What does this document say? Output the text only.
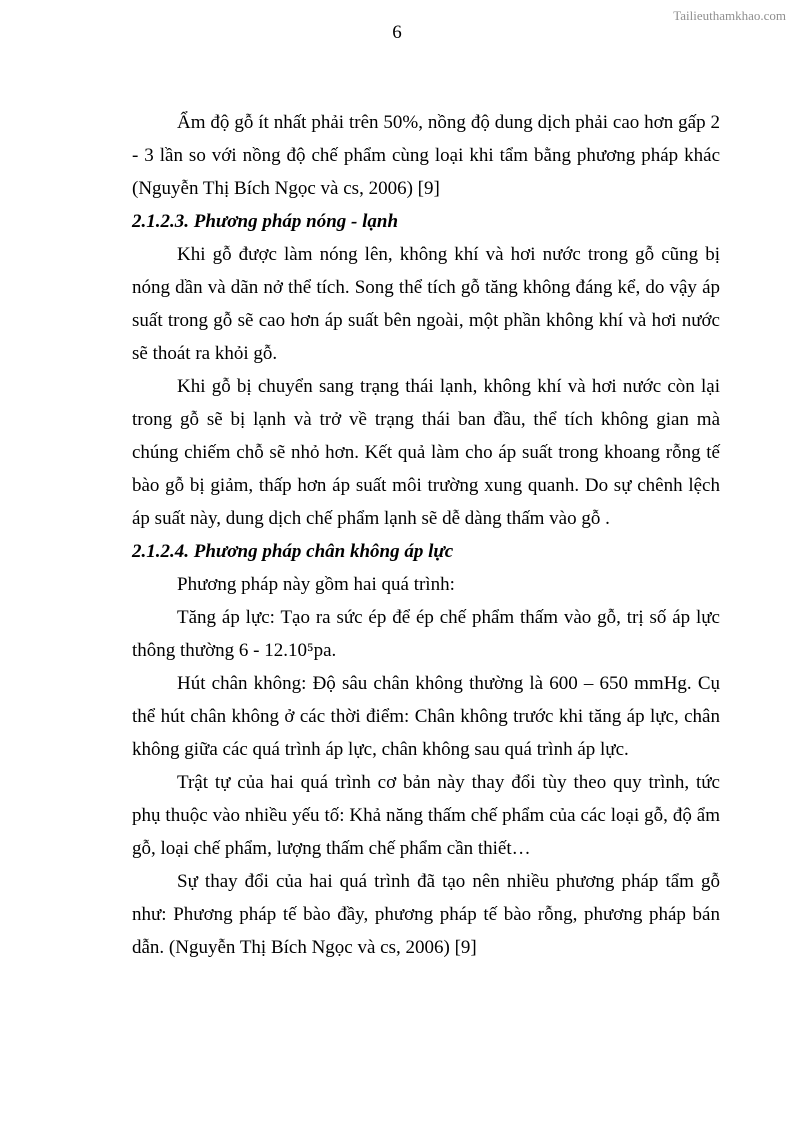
Tailieuthamkhao.com
6

Ẩm độ gỗ ít nhất phải trên 50%, nồng độ dung dịch phải cao hơn gấp 2 - 3 lần so với nồng độ chế phẩm cùng loại khi tẩm bằng phương pháp khác (Nguyễn Thị Bích Ngọc và cs, 2006) [9]

2.1.2.3. Phương pháp nóng - lạnh

Khi gỗ được làm nóng lên, không khí và hơi nước trong gỗ cũng bị nóng dần và dãn nở thể tích. Song thể tích gỗ tăng không đáng kể, do vậy áp suất trong gỗ sẽ cao hơn áp suất bên ngoài, một phần không khí và hơi nước sẽ thoát ra khỏi gỗ.

Khi gỗ bị chuyển sang trạng thái lạnh, không khí và hơi nước còn lại trong gỗ sẽ bị lạnh và trở về trạng thái ban đầu, thể tích không gian mà chúng chiếm chỗ sẽ nhỏ hơn. Kết quả làm cho áp suất trong khoang rỗng tế bào gỗ bị giảm, thấp hơn áp suất môi trường xung quanh. Do sự chênh lệch áp suất này, dung dịch chế phẩm lạnh sẽ dễ dàng thấm vào gỗ .

2.1.2.4. Phương pháp chân không áp lực

Phương pháp này gồm hai quá trình:

Tăng áp lực: Tạo ra sức ép để ép chế phẩm thấm vào gỗ, trị số áp lực thông thường 6 - 12.10⁵pa.

Hút chân không: Độ sâu chân không thường là 600 – 650 mmHg. Cụ thể hút chân không ở các thời điểm: Chân không trước khi tăng áp lực, chân không giữa các quá trình áp lực, chân không sau quá trình áp lực.

Trật tự của hai quá trình cơ bản này thay đổi tùy theo quy trình, tức phụ thuộc vào nhiều yếu tố: Khả năng thấm chế phẩm của các loại gỗ, độ ẩm gỗ, loại chế phẩm, lượng thấm chế phẩm cần thiết…

Sự thay đổi của hai quá trình đã tạo nên nhiều phương pháp tẩm gỗ như: Phương pháp tế bào đầy, phương pháp tế bào rỗng, phương pháp bán dẫn. (Nguyễn Thị Bích Ngọc và cs, 2006) [9]
